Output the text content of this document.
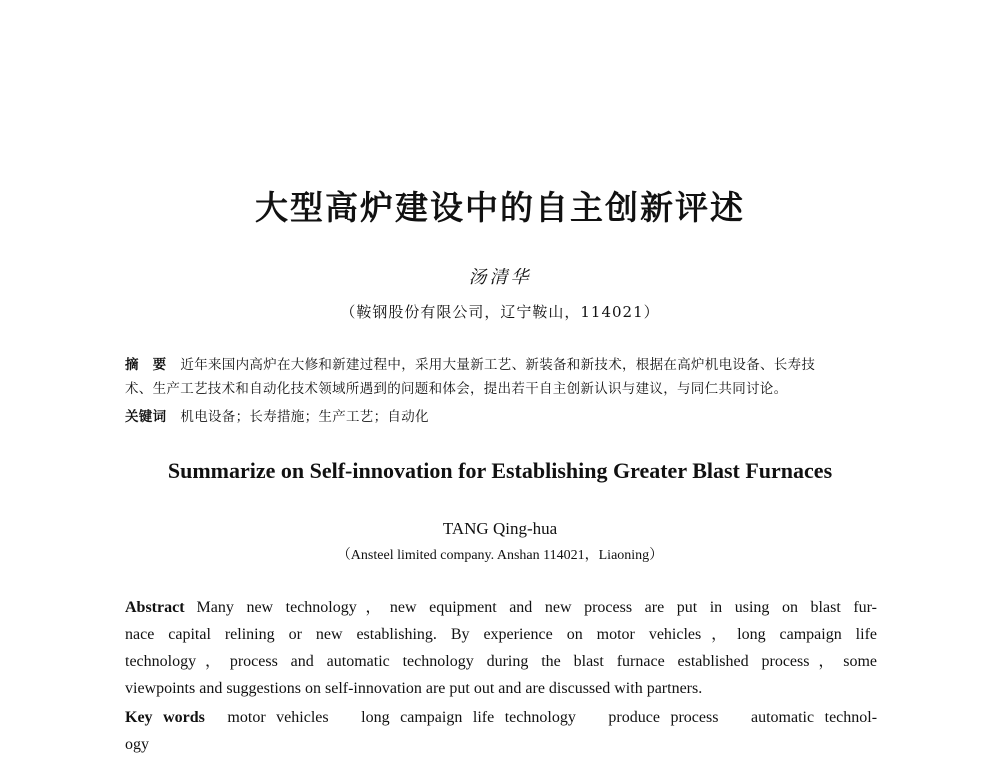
大型高炉建设中的自主创新评述
汤清华
（鞍钢股份有限公司，辽宁鞍山，114021）
摘　要 近年来国内高炉在大修和新建过程中，采用大量新工艺、新装备和新技术，根据在高炉机电设备、长寿技
术、生产工艺技术和自动化技术领域所遇到的问题和体会，提出若干自主创新认识与建议，与同仁共同讨论。
关键词 机电设备；长寿措施；生产工艺；自动化
Summarize on Self-innovation for Establishing Greater Blast Furnaces
TANG Qing-hua
（Ansteel limited company. Anshan 114021，Liaoning）
Abstract Many new technology，new equipment and new process are put in using on blast fur-
nace capital relining or new establishing. By experience on motor vehicles，long campaign life
technology，process and automatic technology during the blast furnace established process，some
viewpoints and suggestions on self-innovation are put out and are discussed with partners.
Key words motor vehicles long campaign life technology produce process automatic technol-
ogy
